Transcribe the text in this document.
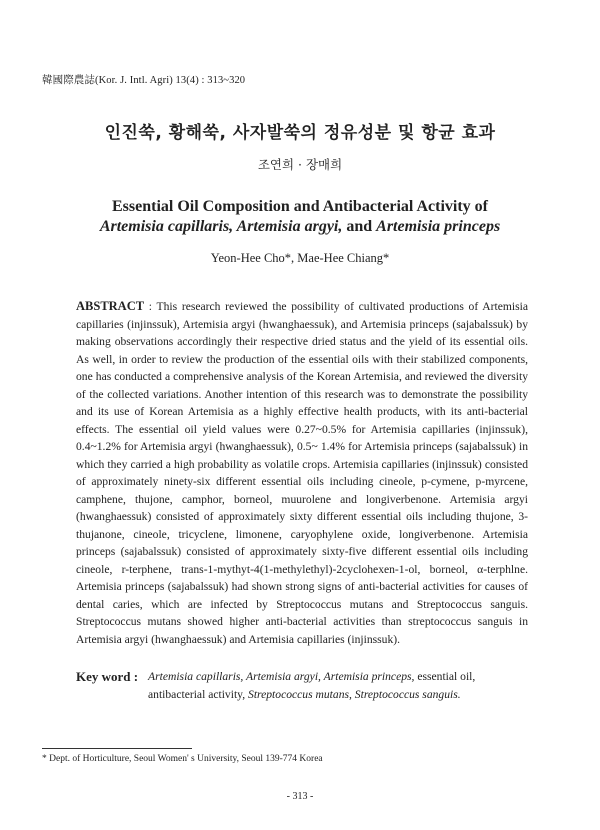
韓國際農誌(Kor. J. Intl. Agri) 13(4) : 313~320
인진쑥, 황해쑥, 사자발쑥의 정유성분 및 항균 효과
조연희 · 장매희
Essential Oil Composition and Antibacterial Activity of
Artemisia capillaris, Artemisia argyi, and Artemisia princeps
Yeon-Hee Cho*, Mae-Hee Chiang*
ABSTRACT : This research reviewed the possibility of cultivated productions of Artemisia capillaries (injinssuk), Artemisia argyi (hwanghaessuk), and Artemisia princeps (sajabalssuk) by making observations accordingly their respective dried status and the yield of its essential oils. As well, in order to review the production of the essential oils with their stabilized components, one has conducted a comprehensive analysis of the Korean Artemisia, and reviewed the diversity of the collected variations. Another intention of this research was to demonstrate the possibility and its use of Korean Artemisia as a highly effective health products, with its anti-bacterial effects. The essential oil yield values were 0.27~0.5% for Artemisia capillaries (injinssuk), 0.4~1.2% for Artemisia argyi (hwanghaessuk), 0.5~ 1.4% for Artemisia princeps (sajabalssuk) in which they carried a high probability as volatile crops. Artemisia capillaries (injinssuk) consisted of approximately ninety-six different essential oils including cineole, p-cymene, p-myrcene, camphene, thujone, camphor, borneol, muurolene and longiverbenone. Artemisia argyi (hwanghaessuk) consisted of approximately sixty different essential oils including thujone, 3-thujanone, cineole, tricyclene, limonene, caryophylene oxide, longiverbenone. Artemisia princeps (sajabalssuk) consisted of approximately sixty-five different essential oils including cineole, r-terphene, trans-1-mythyt-4(1-methylethyl)-2cyclohexen-1-ol, borneol, α-terphlne. Artemisia princeps (sajabalssuk) had shown strong signs of anti-bacterial activities for causes of dental caries, which are infected by Streptococcus mutans and Streptococcus sanguis. Streptococcus mutans showed higher anti-bacterial activities than streptococcus sanguis in Artemisia argyi (hwanghaessuk) and Artemisia capillaries (injinssuk).
Key word : Artemisia capillaris, Artemisia argyi, Artemisia princeps, essential oil,
antibacterial activity, Streptococcus mutans, Streptococcus sanguis.
* Dept. of Horticulture, Seoul Women' s University, Seoul 139-774 Korea
- 313 -
